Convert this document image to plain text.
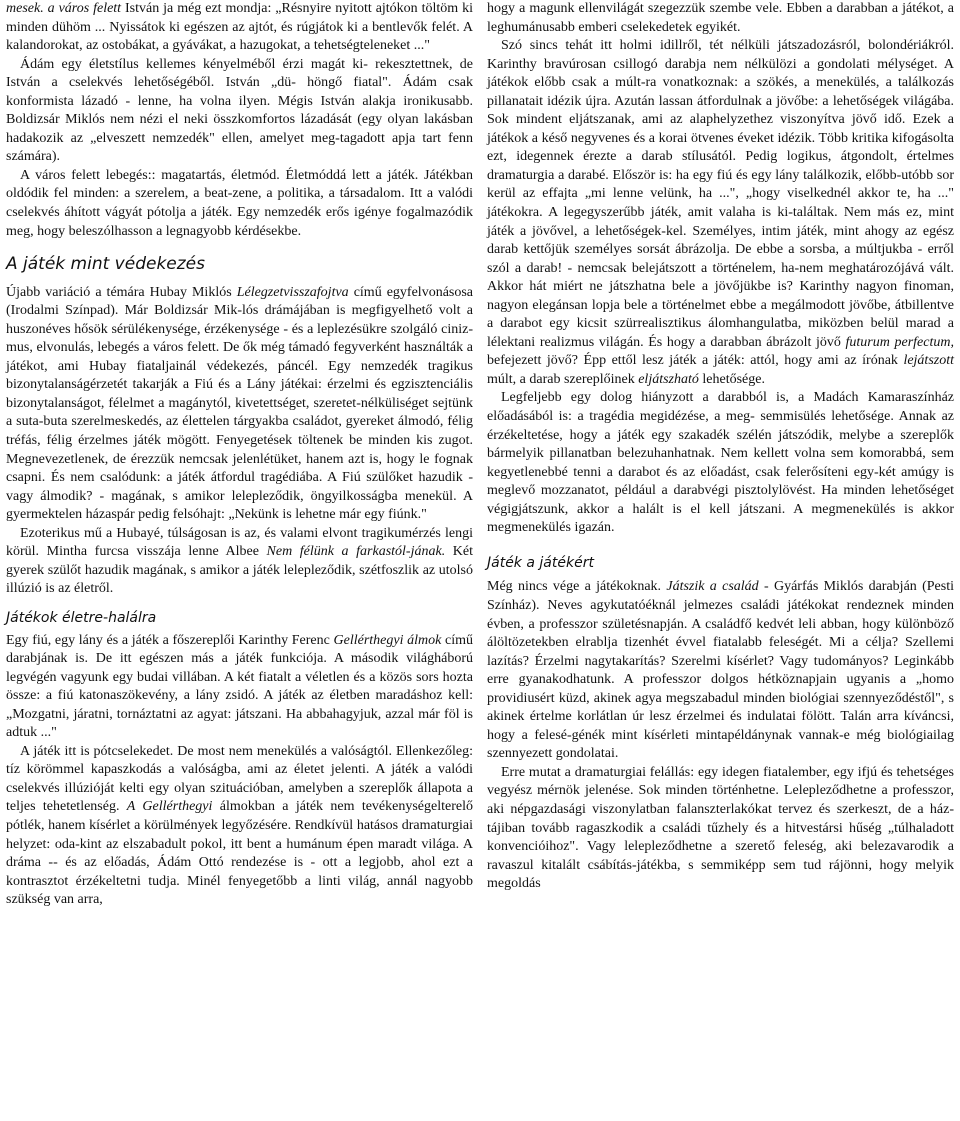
mesek. a város felett István ja még ezt mondja: „Résnyire nyitott ajtókon töltöm ki minden dühöm ... Nyissátok ki egészen az ajtót, és rúgjátok ki a bentlevők felét. A kalandorokat, az ostobákat, a gyávákat, a hazugokat, a tehetségteleneket ..."

Ádám egy életstílus kellemes kényelméből érzi magát ki- rekesztettnek, de István a cselekvés lehetőségéből. István „dü- höngő fiatal". Ádám csak konformista lázadó - lenne, ha volna ilyen. Mégis István alakja ironikusabb. Boldizsár Miklós nem nézi el neki összkomfortos lázadását (egy olyan lakásban hadakozik az „elveszett nemzedék" ellen, amelyet meg-tagadott apja tart fenn számára).

A város felett lebegés:: magatartás, életmód. Életmóddá lett a játék. Játékban oldódik fel minden: a szerelem, a beat-zene, a politika, a társadalom. Itt a valódi cselekvés áhított vágyát pótolja a játék. Egy nemzedék erős igénye fogalmazódik meg, hogy beleszólhasson a legnagyobb kérdésekbe.

A játék mint védekezés

Újabb variáció a témára Hubay Miklós Lélegzetvisszafojtva című egyfelvonásosa (Irodalmi Színpad). Már Boldizsár Mik-lós drámájában is megfigyelhető volt a huszonéves hősök sérülékenysége, érzékenysége - és a leplezésükre szolgáló ciniz- mus, elvonulás, lebegés a város felett. De ők még támadó fegyverként használták a játékot, ami Hubay fiataljainál védekezés, páncél. Egy nemzedék tragikus bizonytalanságérzetét takarják a Fiú és a Lány játékai: érzelmi és egzisztenciális bizonytalanságot, félelmet a magánytól, kivetettséget, szeretet-nélküliséget sejtünk a suta-buta szerelmeskedés, az élettelen tárgyakba családot, gyereket álmodó, félig tréfás, félig érzelmes játék mögött. Fenyegetések töltenek be minden kis zugot. Megnevezetlenek, de érezzük nemcsak jelenlétüket, hanem azt is, hogy le fognak csapni. És nem csalódunk: a játék átfordul tragédiába. A Fiú szülőket hazudik - vagy álmodik? - magának, s amikor lelepleződik, öngyilkosságba menekül. A gyermektelen házaspár pedig felsóhajt: „Nekünk is lehetne már egy fiúnk."

Ezoterikus mű a Hubayé, túlságosan is az, és valami elvont tragikumérzés lengi körül. Mintha furcsa visszája lenne Albee Nem félünk a farkastól-jának. Két gyerek szülőt hazudik magának, s amikor a játék lelepleződik, szétfoszlik az utolsó illúzió is az életről.

Játékok életre-halálra

Egy fiú, egy lány és a játék a főszereplői Karinthy Ferenc Gellérthegyi álmok című darabjának is. De itt egészen más a játék funkciója. A második világháború legvégén vagyunk egy budai villában. A két fiatalt a véletlen és a közös sors hozta össze: a fiú katonaszökevény, a lány zsidó. A játék az életben maradáshoz kell: „Mozgatni, járatni, tornáztatni az agyat: játszani. Ha abbahagyjuk, azzal már föl is adtuk ..."

A játék itt is pótcselekedet. De most nem menekülés a valóságtól. Ellenkezőleg: tíz körömmel kapaszkodás a valóságba, ami az életet jelenti. A játék a valódi cselekvés illúzióját kelti egy olyan szituációban, amelyben a szereplők állapota a teljes tehetetlenség. A Gellérthegyi álmokban a játék nem tevékenységelterelő pótlék, hanem kísérlet a körülmények legyőzésére. Rendkívül hatásos dramaturgiai helyzet: oda-kint az elszabadult pokol, itt bent a humánum épen maradt világa. A dráma -- és az előadás, Ádám Ottó rendezése is - ott a legjobb, ahol ezt a kontrasztot érzékeltetni tudja. Minél fenyegetőbb a linti világ, annál nagyobb szükség van arra,

hogy a magunk ellenvilágát szegezzük szembe vele. Ebben a darabban a játékot, a leghumánusabb emberi cselekedetek egyikét.

Szó sincs tehát itt holmi idillről, tét nélküli játszadozásról, bolondériákról. Karinthy bravúrosan csillogó darabja nem nélkülözi a gondolati mélységet. A játékok előbb csak a múlt-ra vonatkoznak: a szökés, a menekülés, a találkozás pillanatait idézik újra. Azután lassan átfordulnak a jövőbe: a lehetőségek világába. Sok mindent eljátszanak, ami az alaphelyzethez viszonyítva jövő idő. Ezek a játékok a késő negyvenes és a korai ötvenes éveket idézik. Több kritika kifogásolta ezt, idegennek érezte a darab stílusától. Pedig logikus, átgondolt, értelmes dramaturgia a darabé. Először is: ha egy fiú és egy lány találkozik, előbb-utóbb sor kerül az effajta „mi lenne velünk, ha ...", „hogy viselkednél akkor te, ha ..." játékokra. A legegyszerűbb játék, amit valaha is ki-találtak. Nem más ez, mint játék a jövővel, a lehetőségek-kel. Személyes, intim játék, mint ahogy az egész darab kettőjük személyes sorsát ábrázolja. De ebbe a sorsba, a múltjukba - erről szól a darab! - nemcsak belejátszott a történelem, ha-nem meghatározójává vált. Akkor hát miért ne játszhatna bele a jövőjükbe is? Karinthy nagyon finoman, nagyon elegánsan lopja bele a történelmet ebbe a megálmodott jövőbe, átbillentve a darabot egy kicsit szürrealisztikus álomhangulatba, miközben belül marad a lélektani realizmus világán. És hogy a darabban ábrázolt jövő futurum perfectum, befejezett jövő? Épp ettől lesz játék a játék: attól, hogy ami az írónak lejátszott múlt, a darab szereplőinek eljátszható lehetősége.

Legfeljebb egy dolog hiányzott a darabból is, a Madách Kamaraszínház előadásából is: a tragédia megidézése, a meg- semmisülés lehetősége. Annak az érzékeltetése, hogy a játék egy szakadék szélén játszódik, melybe a szereplők bármelyik pillanatban belezuhanhatnak. Nem kellett volna sem komorabbá, sem kegyetlenebbé tenni a darabot és az előadást, csak felerősíteni egy-két amúgy is meglevő mozzanatot, például a darabvégi pisztolylövést. Ha minden lehetőséget végigjátszunk, akkor a halált is el kell játszani. A megmenekülés is akkor megmenekülés igazán.

Játék a játékért

Még nincs vége a játékoknak. Játszik a család - Gyárfás Miklós darabján (Pesti Színház). Neves agykutatóéknál jelmezes családi játékokat rendeznek minden évben, a professzor születésnapján. A családfő kedvét leli abban, hogy különböző álöltözetekben elrablja tizenhét évvel fiatalabb feleségét. Mi a célja? Szellemi lazítás? Érzelmi nagytakarítás? Szerelmi kísérlet? Vagy tudományos? Leginkább erre gyanakodhatunk. A professzor dolgos hétköznapjain ugyanis a „homo providiusért küzd, akinek agya megszabadul minden biológiai szennyeződéstől", s akinek értelme korlátlan úr lesz érzelmei és indulatai fölött. Talán arra kíváncsi, hogy a felesé-génék mint kísérleti mintapéldánynak vannak-e még biológiailag szennyezett gondolatai.

Erre mutat a dramaturgiai felállás: egy idegen fiatalember, egy ifjú és tehetséges vegyész mérnök jelenése. Sok minden történhetne. Lelepleződhetne a professzor, aki népgazdasági viszonylatban falanszterlakókat tervez és szerkeszt, de a ház-tájiban tovább ragaszkodik a családi tűzhely és a hitvestársi hűség „túlhaladott konvencióihoz". Vagy lelepleződhetne a szerető feleség, aki belezavarodik a ravaszul kitalált csábítás-játékba, s semmiképp sem tud rájönni, hogy melyik megoldás
